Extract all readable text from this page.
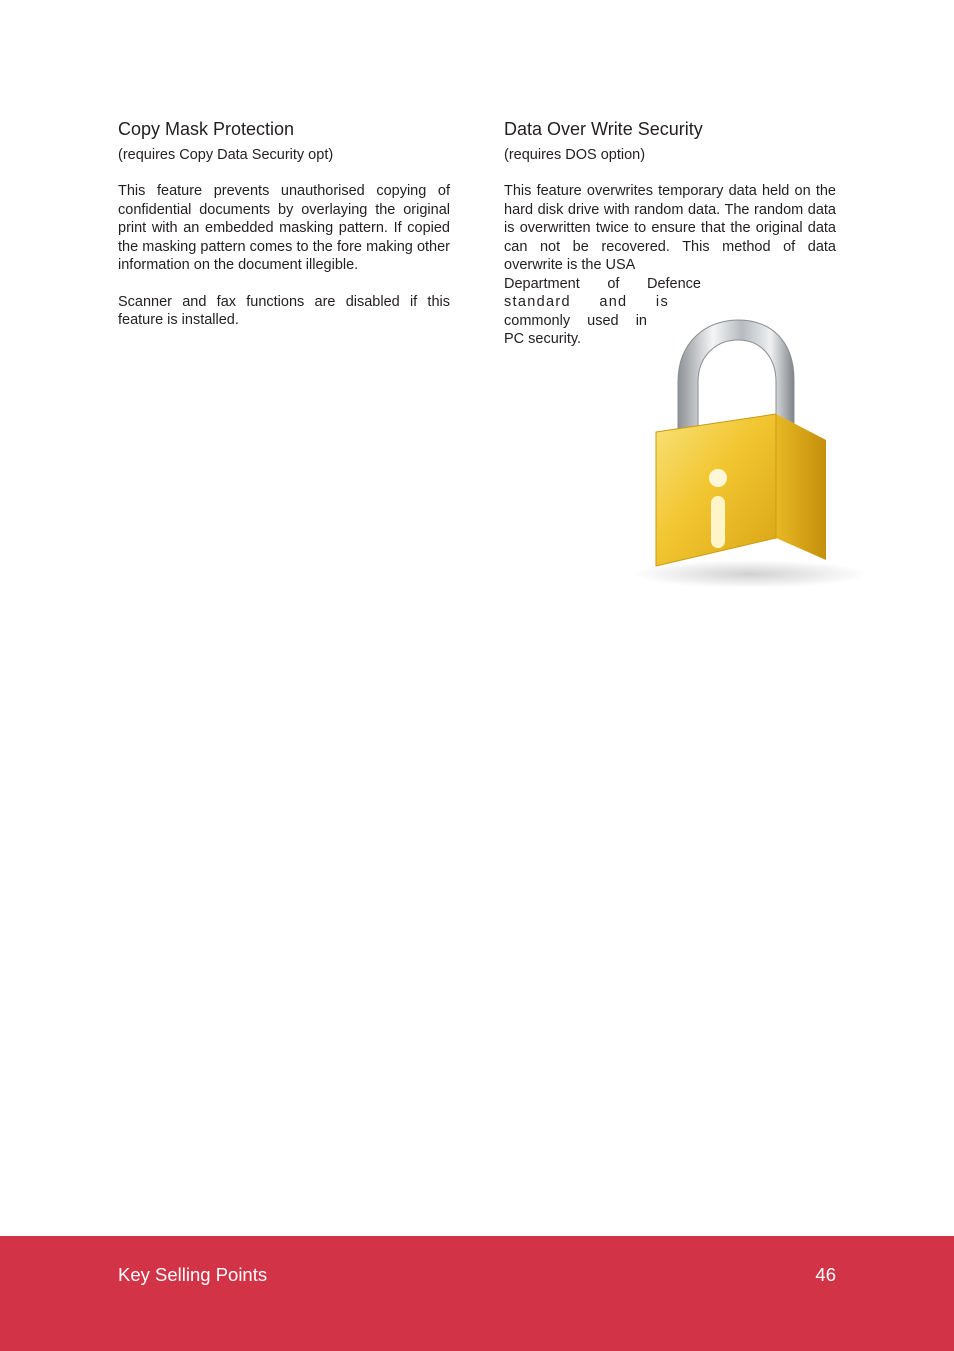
Copy Mask Protection

(requires Copy Data Security opt)

This feature prevents unauthorised copying of confidential documents by overlaying the original print with an embedded masking pattern. If copied the masking pattern comes to the fore making other information on the document illegible.

Scanner and fax functions are disabled if this feature is installed.

Data Over Write Security

(requires DOS option)

This feature overwrites temporary data held on the hard disk drive with random data. The random data is overwritten twice to ensure that the original data can not be recovered. This method of data overwrite is the USA
Department of Defence
standard and is
commonly used in
PC security.

Key Selling Points	46
